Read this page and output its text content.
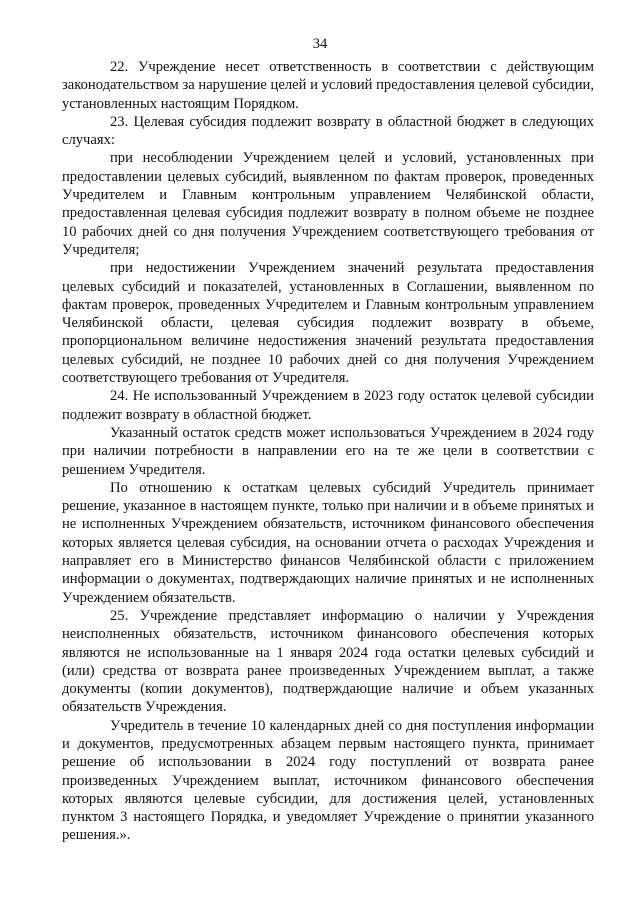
34

22. Учреждение несет ответственность в соответствии с действующим законодательством за нарушение целей и условий предоставления целевой субсидии, установленных настоящим Порядком.

23. Целевая субсидия подлежит возврату в областной бюджет в следующих случаях:

при несоблюдении Учреждением целей и условий, установленных при предоставлении целевых субсидий, выявленном по фактам проверок, проведенных Учредителем и Главным контрольным управлением Челябинской области, предоставленная целевая субсидия подлежит возврату в полном объеме не позднее 10 рабочих дней со дня получения Учреждением соответствующего требования от Учредителя;

при недостижении Учреждением значений результата предоставления целевых субсидий и показателей, установленных в Соглашении, выявленном по фактам проверок, проведенных Учредителем и Главным контрольным управлением Челябинской области, целевая субсидия подлежит возврату в объеме, пропорциональном величине недостижения значений результата предоставления целевых субсидий, не позднее 10 рабочих дней со дня получения Учреждением соответствующего требования от Учредителя.

24. Не использованный Учреждением в 2023 году остаток целевой субсидии подлежит возврату в областной бюджет.

Указанный остаток средств может использоваться Учреждением в 2024 году при наличии потребности в направлении его на те же цели в соответствии с решением Учредителя.

По отношению к остаткам целевых субсидий Учредитель принимает решение, указанное в настоящем пункте, только при наличии и в объеме принятых и не исполненных Учреждением обязательств, источником финансового обеспечения которых является целевая субсидия, на основании отчета о расходах Учреждения и направляет его в Министерство финансов Челябинской области с приложением информации о документах, подтверждающих наличие принятых и не исполненных Учреждением обязательств.

25. Учреждение представляет информацию о наличии у Учреждения неисполненных обязательств, источником финансового обеспечения которых являются не использованные на 1 января 2024 года остатки целевых субсидий и (или) средства от возврата ранее произведенных Учреждением выплат, а также документы (копии документов), подтверждающие наличие и объем указанных обязательств Учреждения.

Учредитель в течение 10 календарных дней со дня поступления информации и документов, предусмотренных абзацем первым настоящего пункта, принимает решение об использовании в 2024 году поступлений от возврата ранее произведенных Учреждением выплат, источником финансового обеспечения которых являются целевые субсидии, для достижения целей, установленных пунктом 3 настоящего Порядка, и уведомляет Учреждение о принятии указанного решения.».
